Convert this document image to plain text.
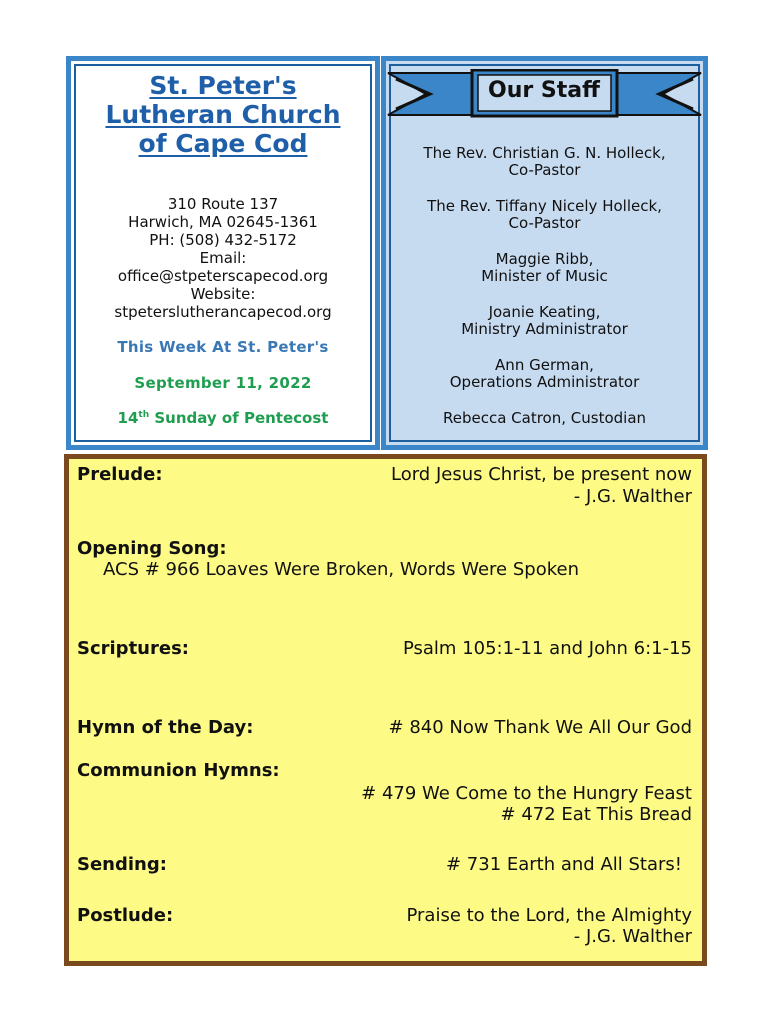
St. Peter's
Lutheran Church
of Cape Cod
310 Route 137
Harwich, MA 02645-1361
PH: (508) 432-5172
Email:
office@stpeterscapecod.org
Website:
stpeterslutherancapecod.org
This Week At St. Peter's
September 11, 2022
14th Sunday of Pentecost
Our Staff
The Rev. Christian G. N. Holleck,
Co-Pastor
The Rev. Tiffany Nicely Holleck,
Co-Pastor
Maggie Ribb,
Minister of Music
Joanie Keating,
Ministry Administrator
Ann German,
Operations Administrator
Rebecca Catron, Custodian
Prelude:	Lord Jesus Christ, be present now
- J.G. Walther
Opening Song:
ACS # 966 Loaves Were Broken, Words Were Spoken
Scriptures:	Psalm 105:1-11 and John 6:1-15
Hymn of the Day:	# 840 Now Thank We All Our God
Communion Hymns:
# 479 We Come to the Hungry Feast
# 472 Eat This Bread
Sending:	# 731 Earth and All Stars!
Postlude:	Praise to the Lord, the Almighty
- J.G. Walther
